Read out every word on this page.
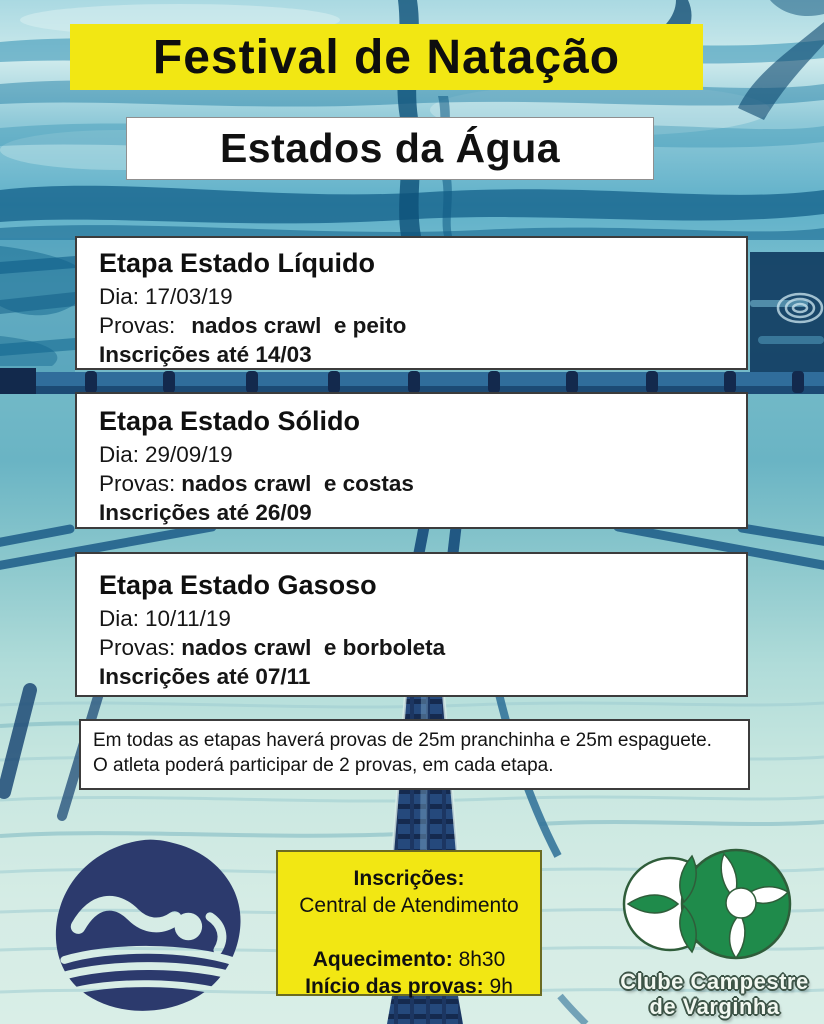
Festival de Natação
Estados da Água
Etapa Estado Líquido
Dia: 17/03/19
Provas: nados crawl  e peito
Inscrições até 14/03
Etapa Estado Sólido
Dia: 29/09/19
Provas: nados crawl  e costas
Inscrições até 26/09
Etapa Estado Gasoso
Dia: 10/11/19
Provas: nados crawl  e borboleta
Inscrições até 07/11
Em todas as etapas haverá provas de 25m pranchinha e 25m espaguete.
O atleta poderá participar de 2 provas, em cada etapa.
Inscrições:
Central de Atendimento
Aquecimento: 8h30
Início das provas: 9h	Clube Campestre
de Varginha
